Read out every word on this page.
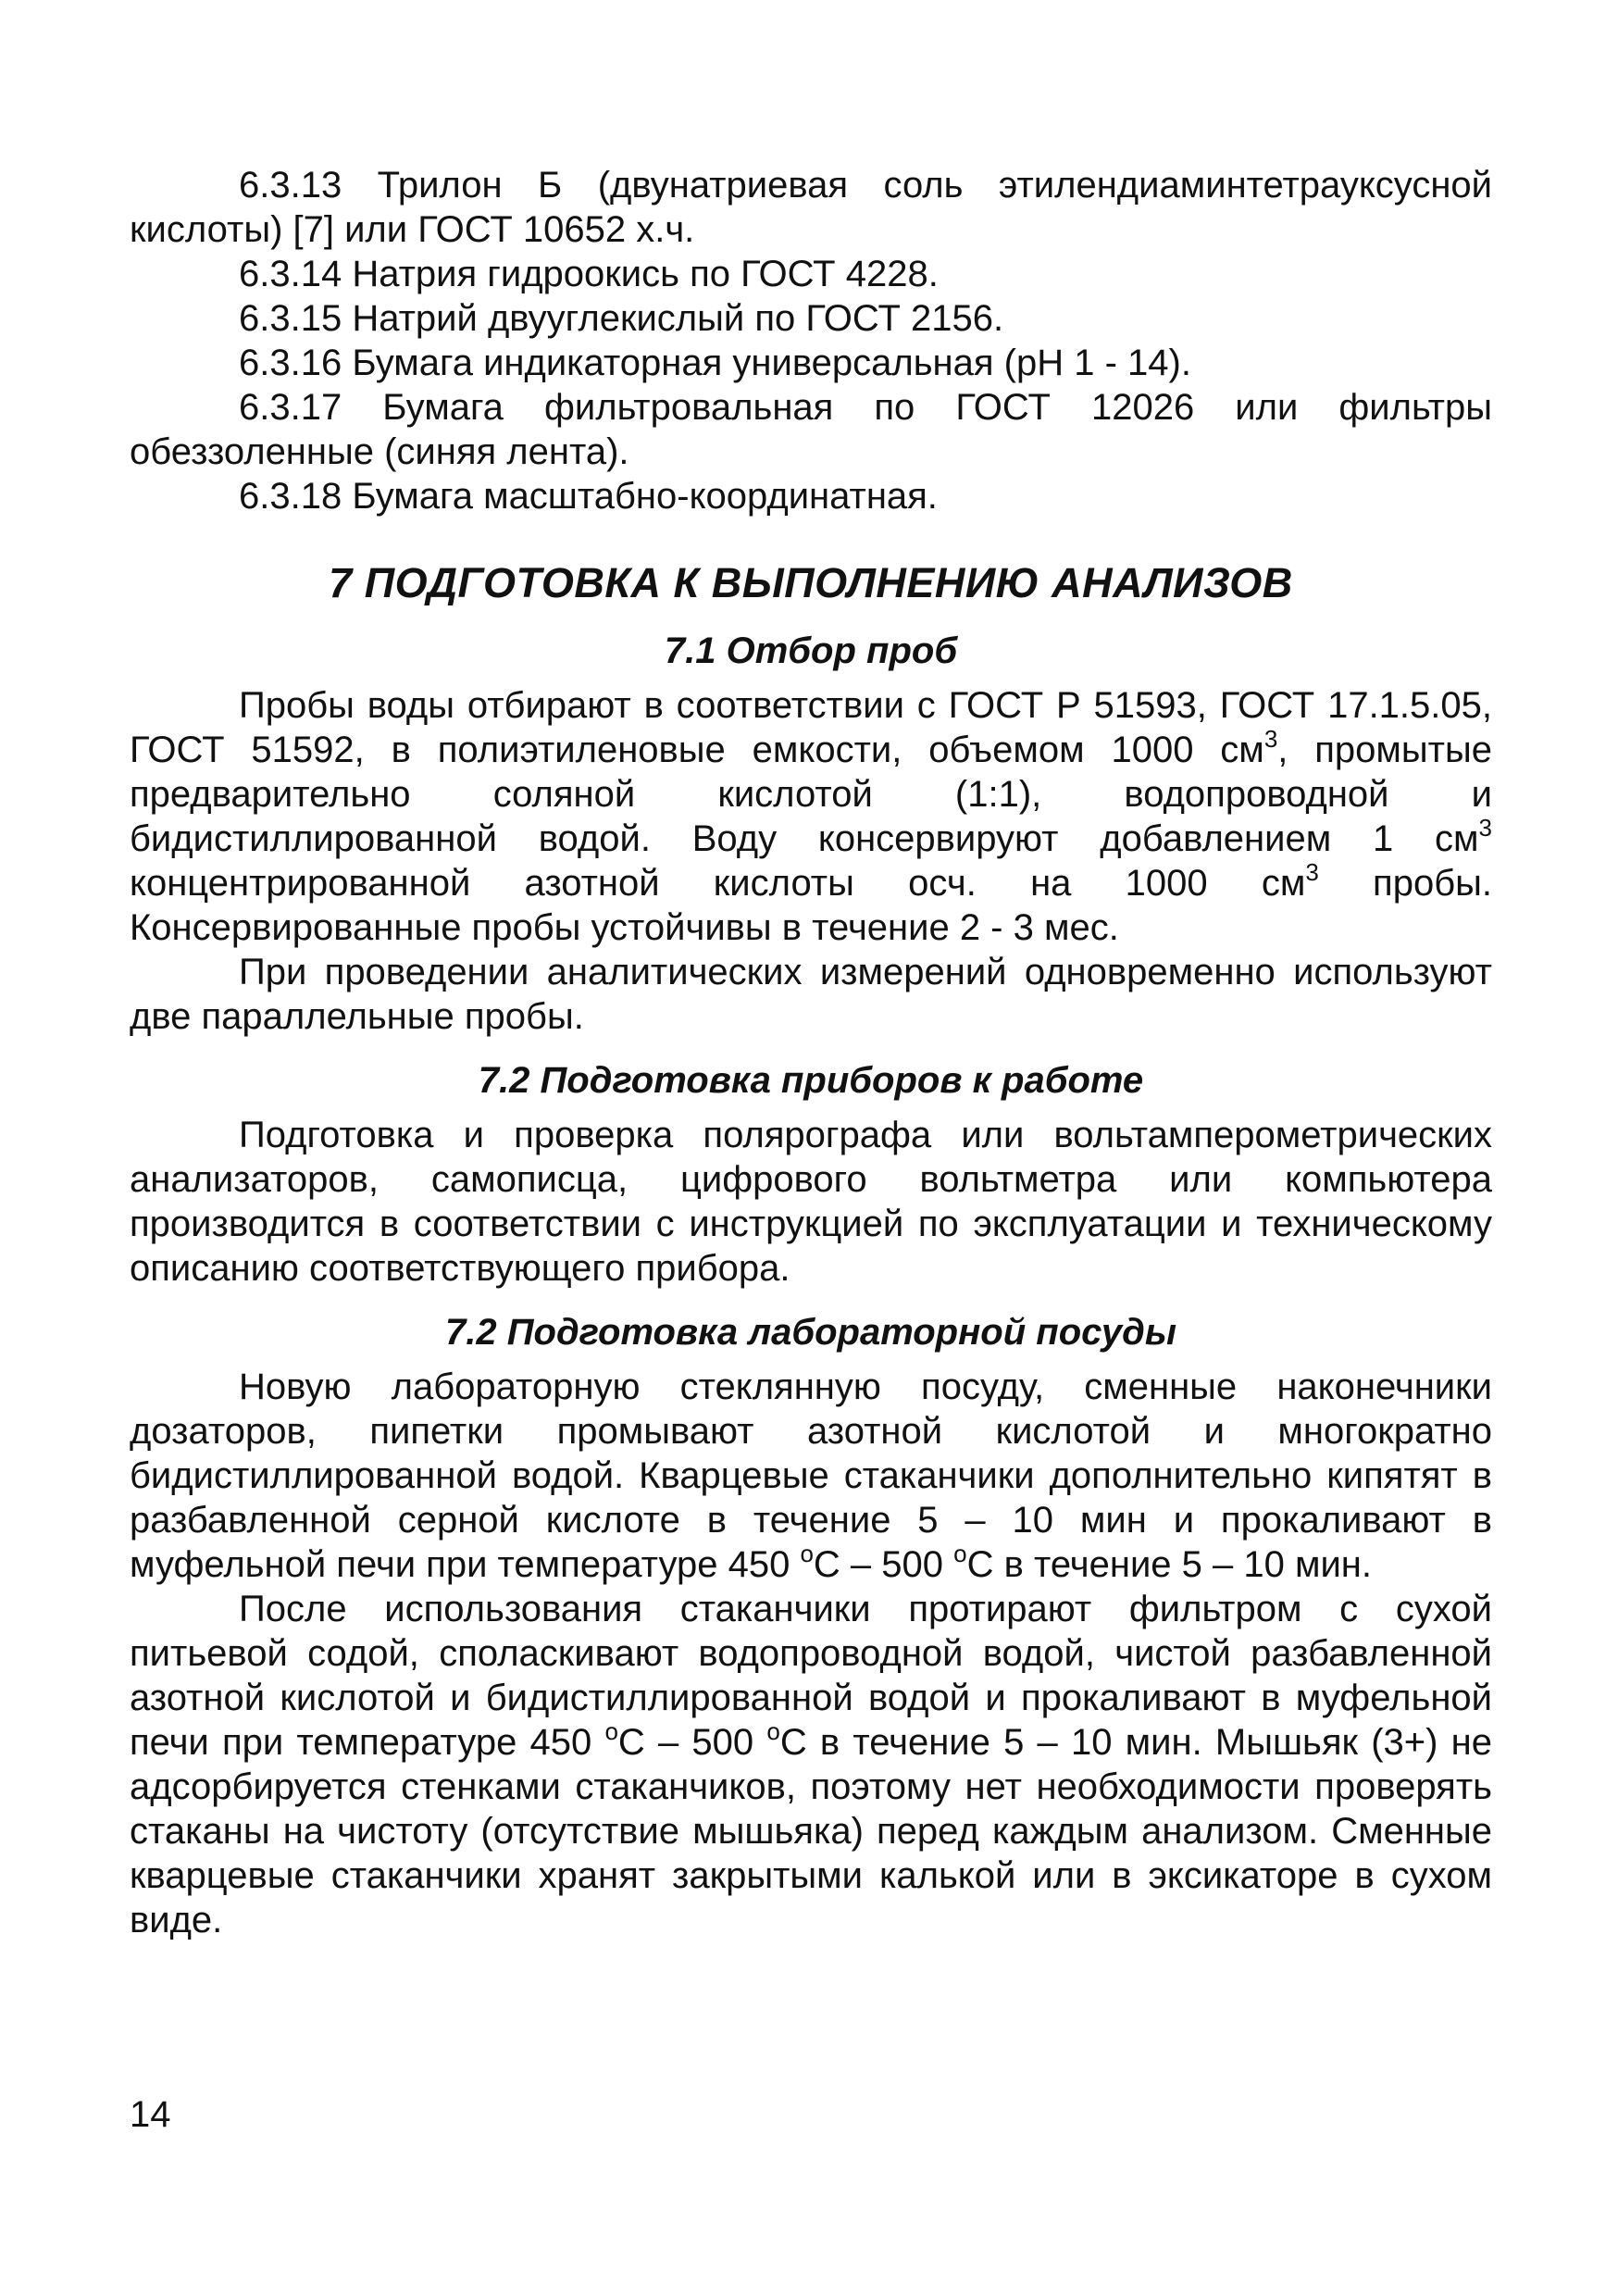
6.3.13 Трилон Б (двунатриевая соль этилендиаминтетрауксусной кислоты) [7] или ГОСТ 10652 х.ч.

6.3.14 Натрия гидроокись по ГОСТ 4228.

6.3.15 Натрий двууглекислый по ГОСТ 2156.

6.3.16 Бумага индикаторная универсальная (рН 1 - 14).

6.3.17 Бумага фильтровальная по ГОСТ 12026 или фильтры обеззоленные (синяя лента).

6.3.18 Бумага масштабно-координатная.

7 ПОДГОТОВКА К ВЫПОЛНЕНИЮ АНАЛИЗОВ
7.1 Отбор проб

Пробы воды отбирают в соответствии с ГОСТ Р 51593, ГОСТ 17.1.5.05, ГОСТ 51592, в полиэтиленовые емкости, объемом 1000 $см^3$, промытые предварительно соляной кислотой (1:1), водопроводной и бидистиллированной водой. Воду консервируют добавлением 1 $см^3$ концентрированной азотной кислоты осч. на 1000 $см^3$ пробы. Консервированные пробы устойчивы в течение 2 - 3 мес.

При проведении аналитических измерений одновременно используют две параллельные пробы.

7.2 Подготовка приборов к работе

Подготовка и проверка полярографа или вольтамперометрических анализаторов, самописца, цифрового вольтметра или компьютера производится в соответствии с инструкцией по эксплуатации и техническому описанию соответствующего прибора.

7.2 Подготовка лабораторной посуды

Новую лабораторную стеклянную посуду, сменные наконечники дозаторов, пипетки промывают азотной кислотой и многократно бидистиллированной водой. Кварцевые стаканчики дополнительно кипятят в разбавленной серной кислоте в течение 5 – 10 мин и прокаливают в муфельной печи при температуре 450 $^о$С – 500 $^о$С в течение 5 – 10 мин.

После использования стаканчики протирают фильтром с сухой питьевой содой, споласкивают водопроводной водой, чистой разбавленной азотной кислотой и бидистиллированной водой и прокаливают в муфельной печи при температуре 450 $^о$С – 500 $^о$С в течение 5 – 10 мин. Мышьяк (3+) не адсорбируется стенками стаканчиков, поэтому нет необходимости проверять стаканы на чистоту (отсутствие мышьяка) перед каждым анализом. Сменные кварцевые стаканчики хранят закрытыми калькой или в эксикаторе в сухом виде.

14
